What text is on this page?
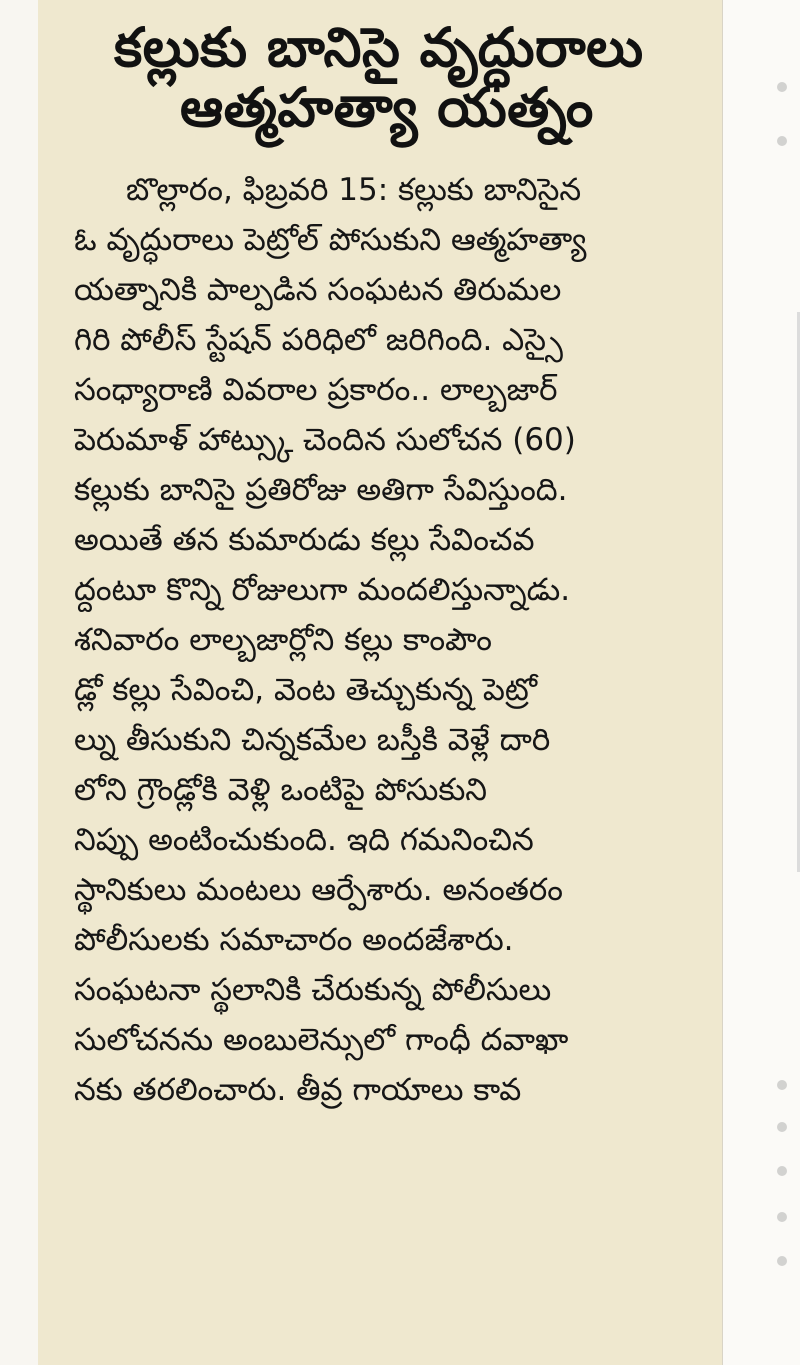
కల్లుకు బానిసై వృద్ధురాలు
ఆత్మహత్యా యత్నం
బొల్లారం, ఫిబ్రవరి 15: కల్లుకు బానిసైన
ఓ వృద్ధురాలు పెట్రోల్ పోసుకుని ఆత్మహత్యా
యత్నానికి పాల్పడిన సంఘటన తిరుమల
గిరి పోలీస్ స్టేషన్ పరిధిలో జరిగింది. ఎస్సై
సంధ్యారాణి వివరాల ప్రకారం.. లాల్బజార్
పెరుమాళ్ హాట్స్కు చెందిన సులోచన (60)
కల్లుకు బానిసై ప్రతిరోజు అతిగా సేవిస్తుంది.
అయితే తన కుమారుడు కల్లు సేవించవ
ద్దంటూ కొన్ని రోజులుగా మందలిస్తున్నాడు.
శనివారం లాల్బజార్లోని కల్లు కాంపౌం
డ్లో కల్లు సేవించి, వెంట తెచ్చుకున్న పెట్రో
ల్ను తీసుకుని చిన్నకమేల బస్తీకి వెళ్లే దారి
లోని గ్రౌండ్లోకి వెళ్లి ఒంటిపై పోసుకుని
నిప్పు అంటించుకుంది. ఇది గమనించిన
స్థానికులు మంటలు ఆర్పేశారు. అనంతరం
పోలీసులకు సమాచారం అందజేశారు.
సంఘటనా స్థలానికి చేరుకున్న పోలీసులు
సులోచనను అంబులెన్సులో గాంధీ దవాఖా
నకు తరలించారు. తీవ్ర గాయాలు కావ
